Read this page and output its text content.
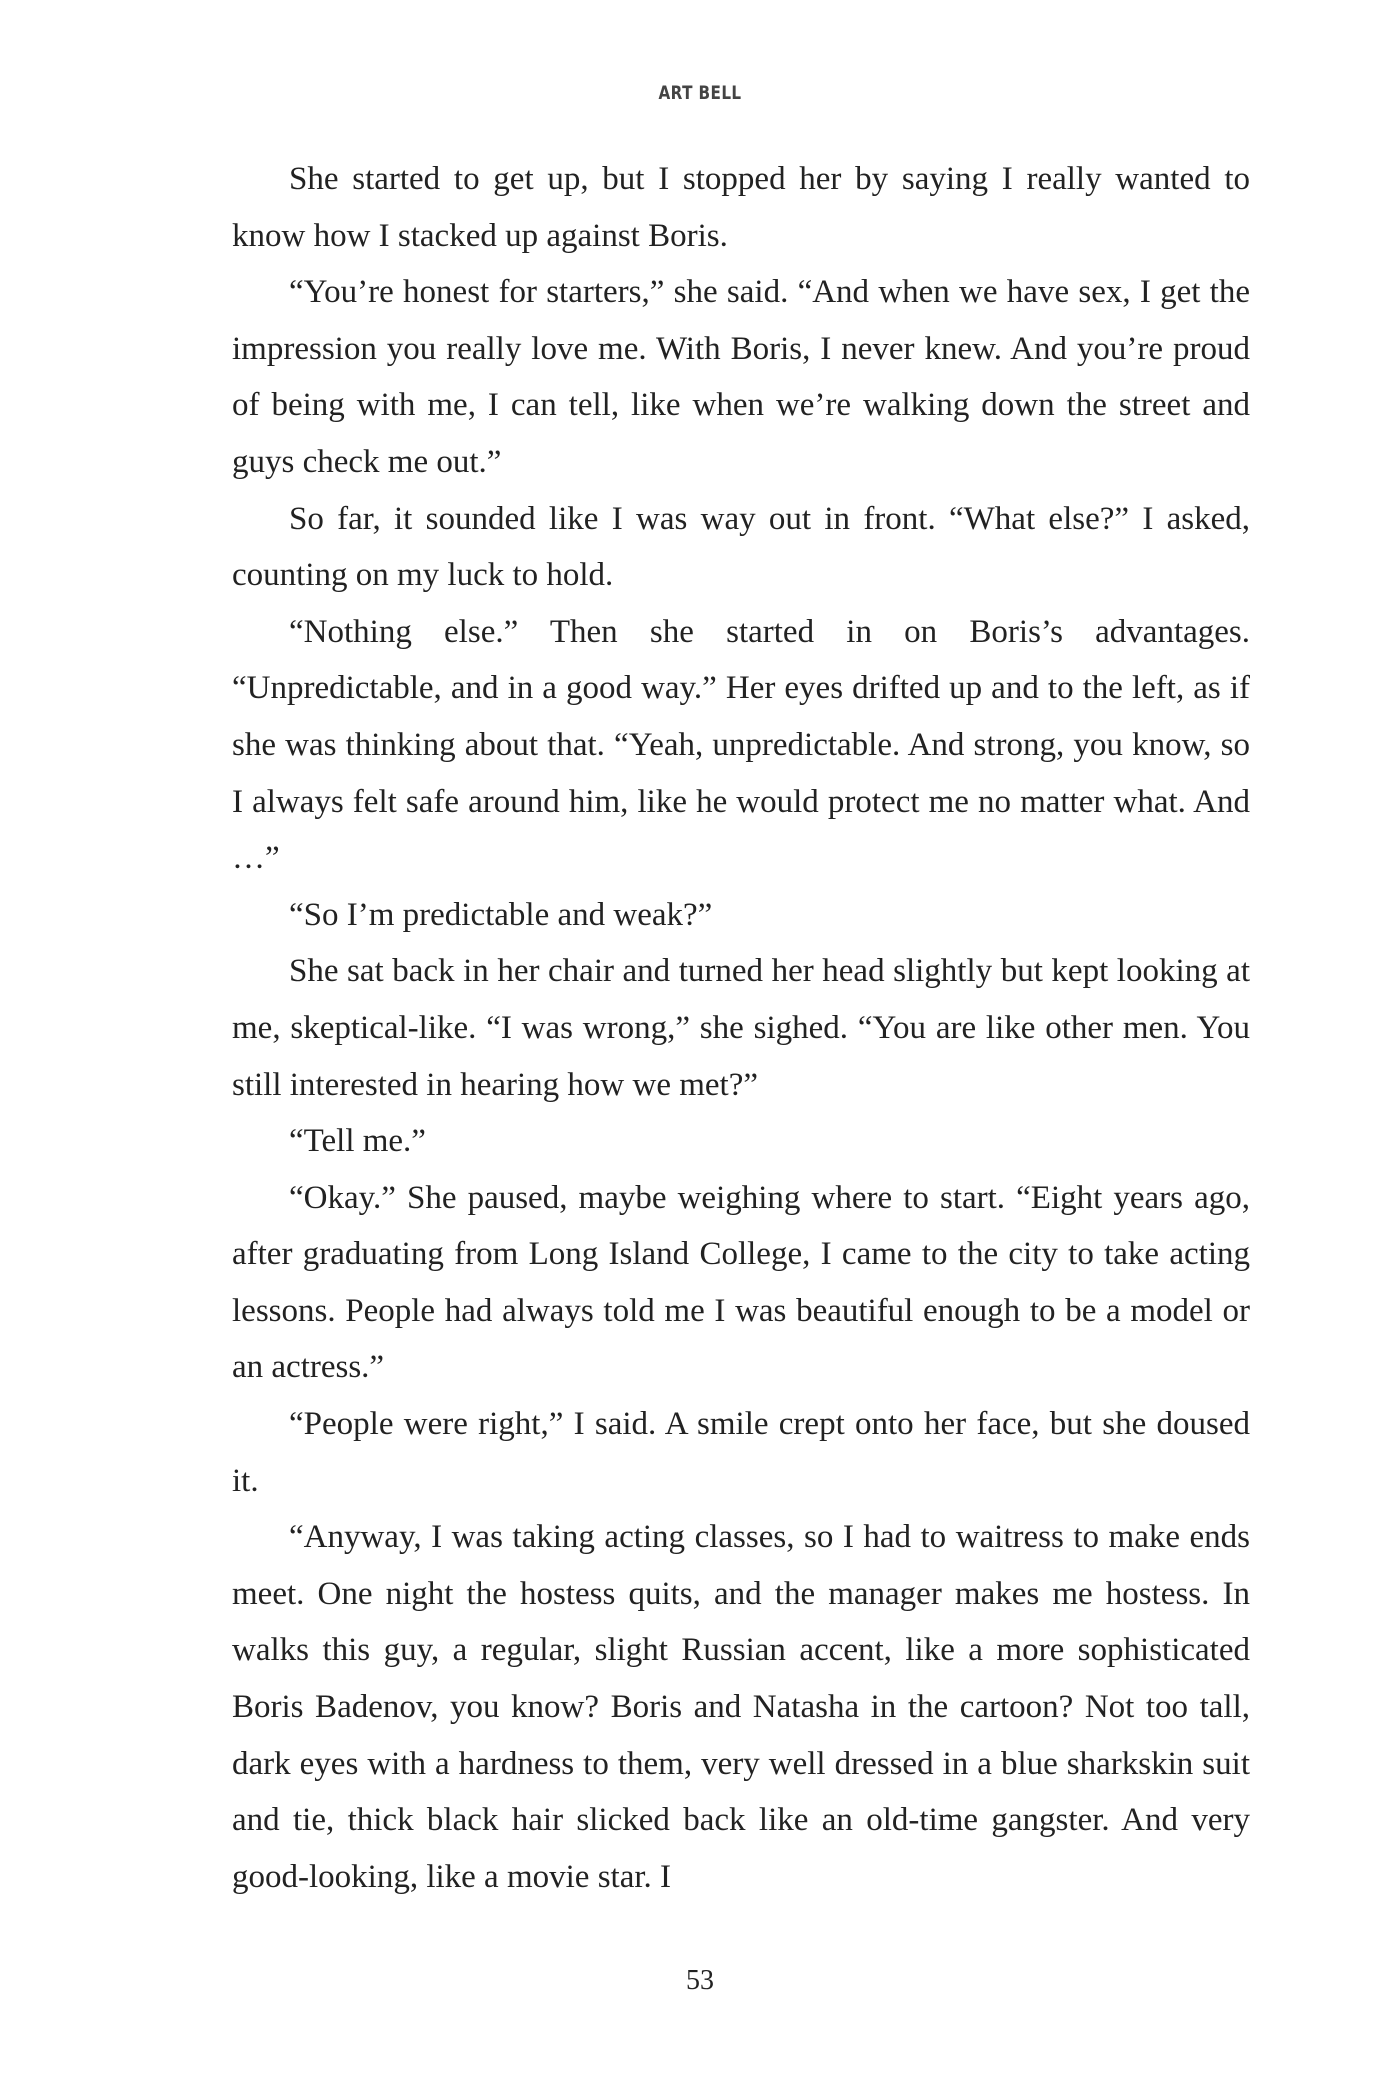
ART BELL

She started to get up, but I stopped her by saying I really wanted to know how I stacked up against Boris.

“You’re honest for starters,” she said. “And when we have sex, I get the impression you really love me. With Boris, I never knew. And you’re proud of being with me, I can tell, like when we’re walking down the street and guys check me out.”

So far, it sounded like I was way out in front. “What else?” I asked, counting on my luck to hold.

“Nothing else.” Then she started in on Boris’s advantages. “Unpredictable, and in a good way.” Her eyes drifted up and to the left, as if she was thinking about that. “Yeah, unpredictable. And strong, you know, so I always felt safe around him, like he would protect me no matter what. And …”

“So I’m predictable and weak?”

She sat back in her chair and turned her head slightly but kept looking at me, skeptical-like. “I was wrong,” she sighed. “You are like other men. You still interested in hearing how we met?”

“Tell me.”

“Okay.” She paused, maybe weighing where to start. “Eight years ago, after graduating from Long Island College, I came to the city to take acting lessons. People had always told me I was beautiful enough to be a model or an actress.”

“People were right,” I said. A smile crept onto her face, but she doused it.

“Anyway, I was taking acting classes, so I had to waitress to make ends meet. One night the hostess quits, and the manager makes me hostess. In walks this guy, a regular, slight Russian accent, like a more sophisticated Boris Badenov, you know? Boris and Natasha in the cartoon? Not too tall, dark eyes with a hardness to them, very well dressed in a blue sharkskin suit and tie, thick black hair slicked back like an old-time gangster. And very good-looking, like a movie star. I

53
